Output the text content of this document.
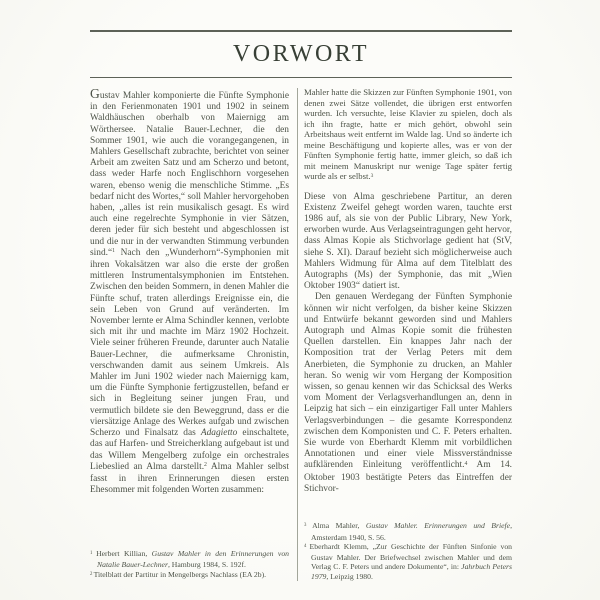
VORWORT

Gustav Mahler komponierte die Fünfte Symphonie in den Ferienmonaten 1901 und 1902 in seinem Waldhäuschen oberhalb von Maiernigg am Wörthersee. Natalie Bauer-Lechner, die den Sommer 1901, wie auch die vorangegangenen, in Mahlers Gesellschaft zubrachte, berichtet von seiner Arbeit am zweiten Satz und am Scherzo und betont, dass weder Harfe noch Englischhorn vorgesehen waren, ebenso wenig die menschliche Stimme. „Es bedarf nicht des Wortes,“ soll Mahler hervorgehoben haben, „alles ist rein musikalisch gesagt. Es wird auch eine regelrechte Symphonie in vier Sätzen, deren jeder für sich besteht und abgeschlossen ist und die nur in der verwandten Stimmung verbunden sind.“$^1$ Nach den „Wunderhorn“-Symphonien mit ihren Vokalsätzen war also die erste der großen mittleren Instrumentalsymphonien im Entstehen. Zwischen den beiden Sommern, in denen Mahler die Fünfte schuf, traten allerdings Ereignisse ein, die sein Leben von Grund auf veränderten. Im November lernte er Alma Schindler kennen, verlobte sich mit ihr und machte im März 1902 Hochzeit. Viele seiner früheren Freunde, darunter auch Natalie Bauer-Lechner, die aufmerksame Chronistin, verschwanden damit aus seinem Umkreis. Als Mahler im Juni 1902 wieder nach Maiernigg kam, um die Fünfte Symphonie fertigzustellen, befand er sich in Begleitung seiner jungen Frau, und vermutlich bildete sie den Beweggrund, dass er die viersätzige Anlage des Werkes aufgab und zwischen Scherzo und Finalsatz das Adagietto einschaltete, das auf Harfen- und Streicherklang aufgebaut ist und das Willem Mengelberg zufolge ein orchestrales Liebeslied an Alma darstellt.$^2$ Alma Mahler selbst fasst in ihren Erinnerungen diesen ersten Ehesommer mit folgenden Worten zusammen:

$^1$ Herbert Killian, Gustav Mahler in den Erinnerungen von Natalie Bauer-Lechner, Hamburg 1984, S. 192f.

$^2$ Titelblatt der Partitur in Mengelbergs Nachlass (EA 2b).

Mahler hatte die Skizzen zur Fünften Symphonie 1901, von denen zwei Sätze vollendet, die übrigen erst entworfen wurden. Ich versuchte, leise Klavier zu spielen, doch als ich ihn fragte, hatte er mich gehört, obwohl sein Arbeitshaus weit entfernt im Walde lag. Und so änderte ich meine Beschäftigung und kopierte alles, was er von der Fünften Symphonie fertig hatte, immer gleich, so daß ich mit meinem Manuskript nur wenige Tage später fertig wurde als er selbst.$^3$

Diese von Alma geschriebene Partitur, an deren Existenz Zweifel gehegt worden waren, tauchte erst 1986 auf, als sie von der Public Library, New York, erworben wurde. Aus Verlagseintragungen geht hervor, dass Almas Kopie als Stichvorlage gedient hat (StV, siehe S. XI). Darauf bezieht sich möglicherweise auch Mahlers Widmung für Alma auf dem Titelblatt des Autographs (Ms) der Symphonie, das mit „Wien Oktober 1903“ datiert ist.

Den genauen Werdegang der Fünften Symphonie können wir nicht verfolgen, da bisher keine Skizzen und Entwürfe bekannt geworden sind und Mahlers Autograph und Almas Kopie somit die frühesten Quellen darstellen. Ein knappes Jahr nach der Komposition trat der Verlag Peters mit dem Anerbieten, die Symphonie zu drucken, an Mahler heran. So wenig wir vom Hergang der Komposition wissen, so genau kennen wir das Schicksal des Werks vom Moment der Verlagsverhandlungen an, denn in Leipzig hat sich – ein einzigartiger Fall unter Mahlers Verlagsverbindungen – die gesamte Korrespondenz zwischen dem Komponisten und C. F. Peters erhalten. Sie wurde von Eberhardt Klemm mit vorbildlichen Annotationen und einer viele Missverständnisse aufklärenden Einleitung veröffentlicht.$^4$ Am 14. Oktober 1903 bestätigte Peters das Eintreffen der Stichvor-

$^3$ Alma Mahler, Gustav Mahler. Erinnerungen und Briefe, Amsterdam 1940, S. 56.

$^4$ Eberhardt Klemm, „Zur Geschichte der Fünften Sinfonie von Gustav Mahler. Der Briefwechsel zwischen Mahler und dem Verlag C. F. Peters und andere Dokumente“, in: Jahrbuch Peters 1979, Leipzig 1980.
